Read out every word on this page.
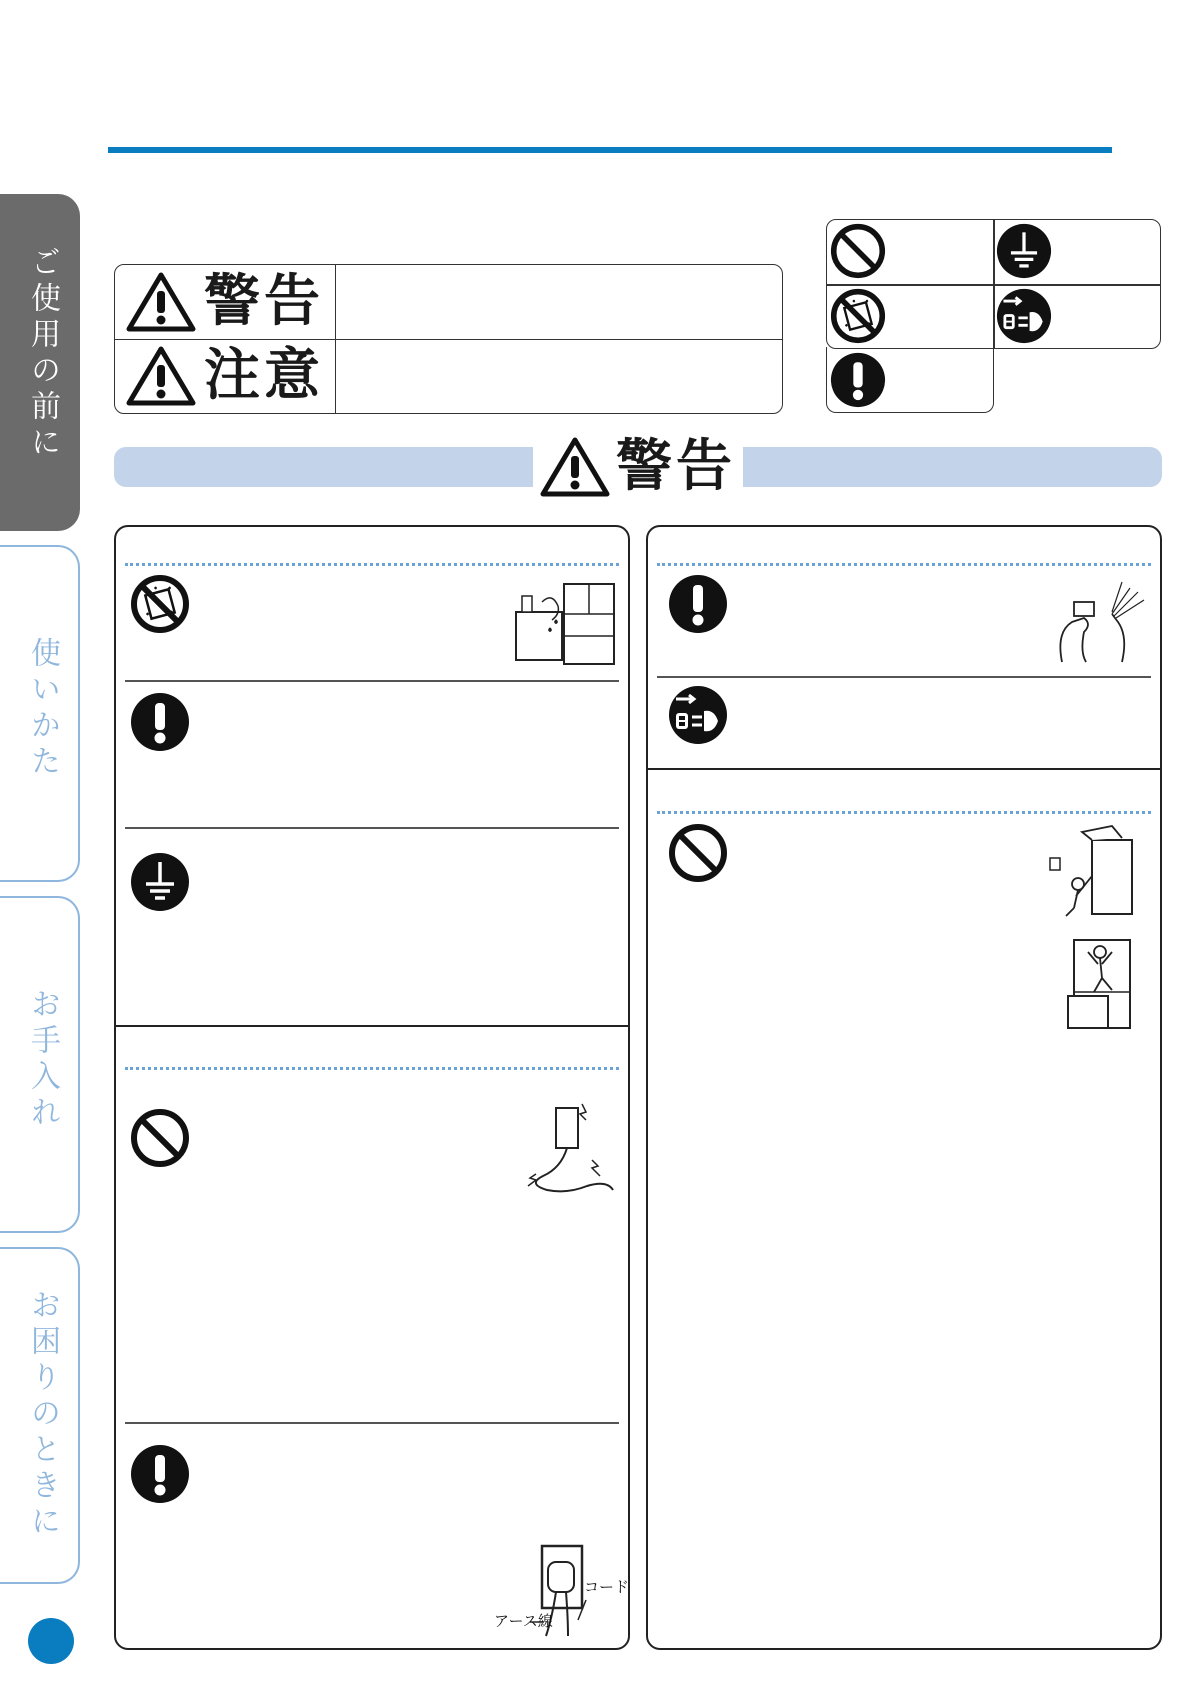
ご使用の前に
使いかた
お手入れ
お困りのときに
警告
注意
警告
アース線
コード
